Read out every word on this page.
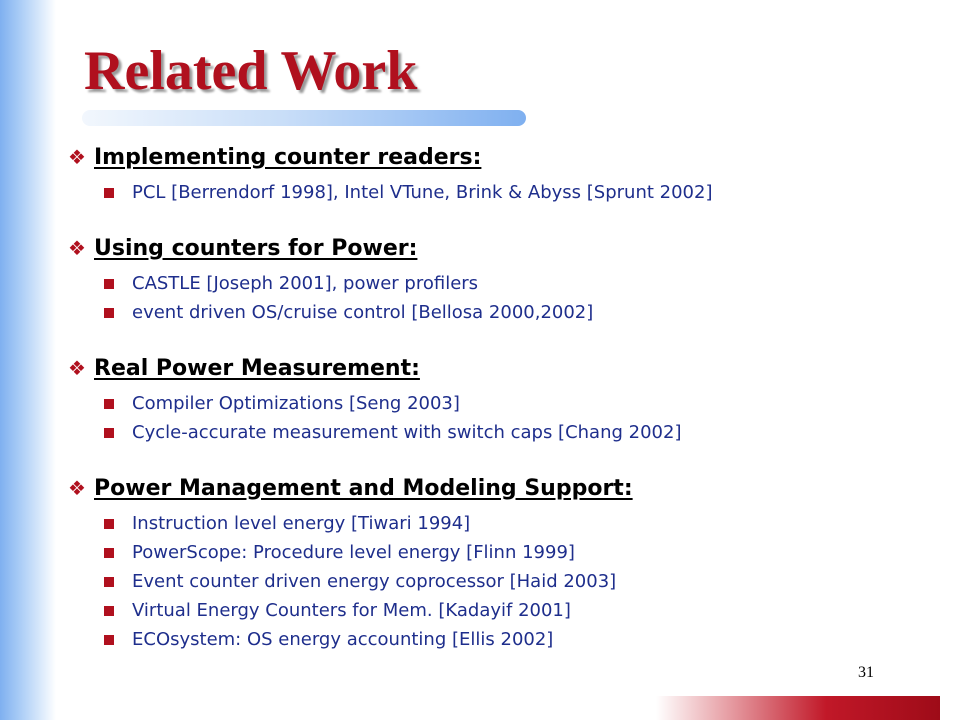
Related Work
❖ Implementing counter readers:
PCL [Berrendorf 1998], Intel VTune, Brink & Abyss [Sprunt 2002]
❖ Using counters for Power:
CASTLE [Joseph 2001], power profilers
event driven OS/cruise control [Bellosa 2000,2002]
❖ Real Power Measurement:
Compiler Optimizations [Seng 2003]
Cycle-accurate measurement with switch caps [Chang 2002]
❖ Power Management and Modeling Support:
Instruction level energy [Tiwari 1994]
PowerScope: Procedure level energy [Flinn 1999]
Event counter driven energy coprocessor [Haid 2003]
Virtual Energy Counters for Mem. [Kadayif 2001]
ECOsystem: OS energy accounting [Ellis 2002]
31
